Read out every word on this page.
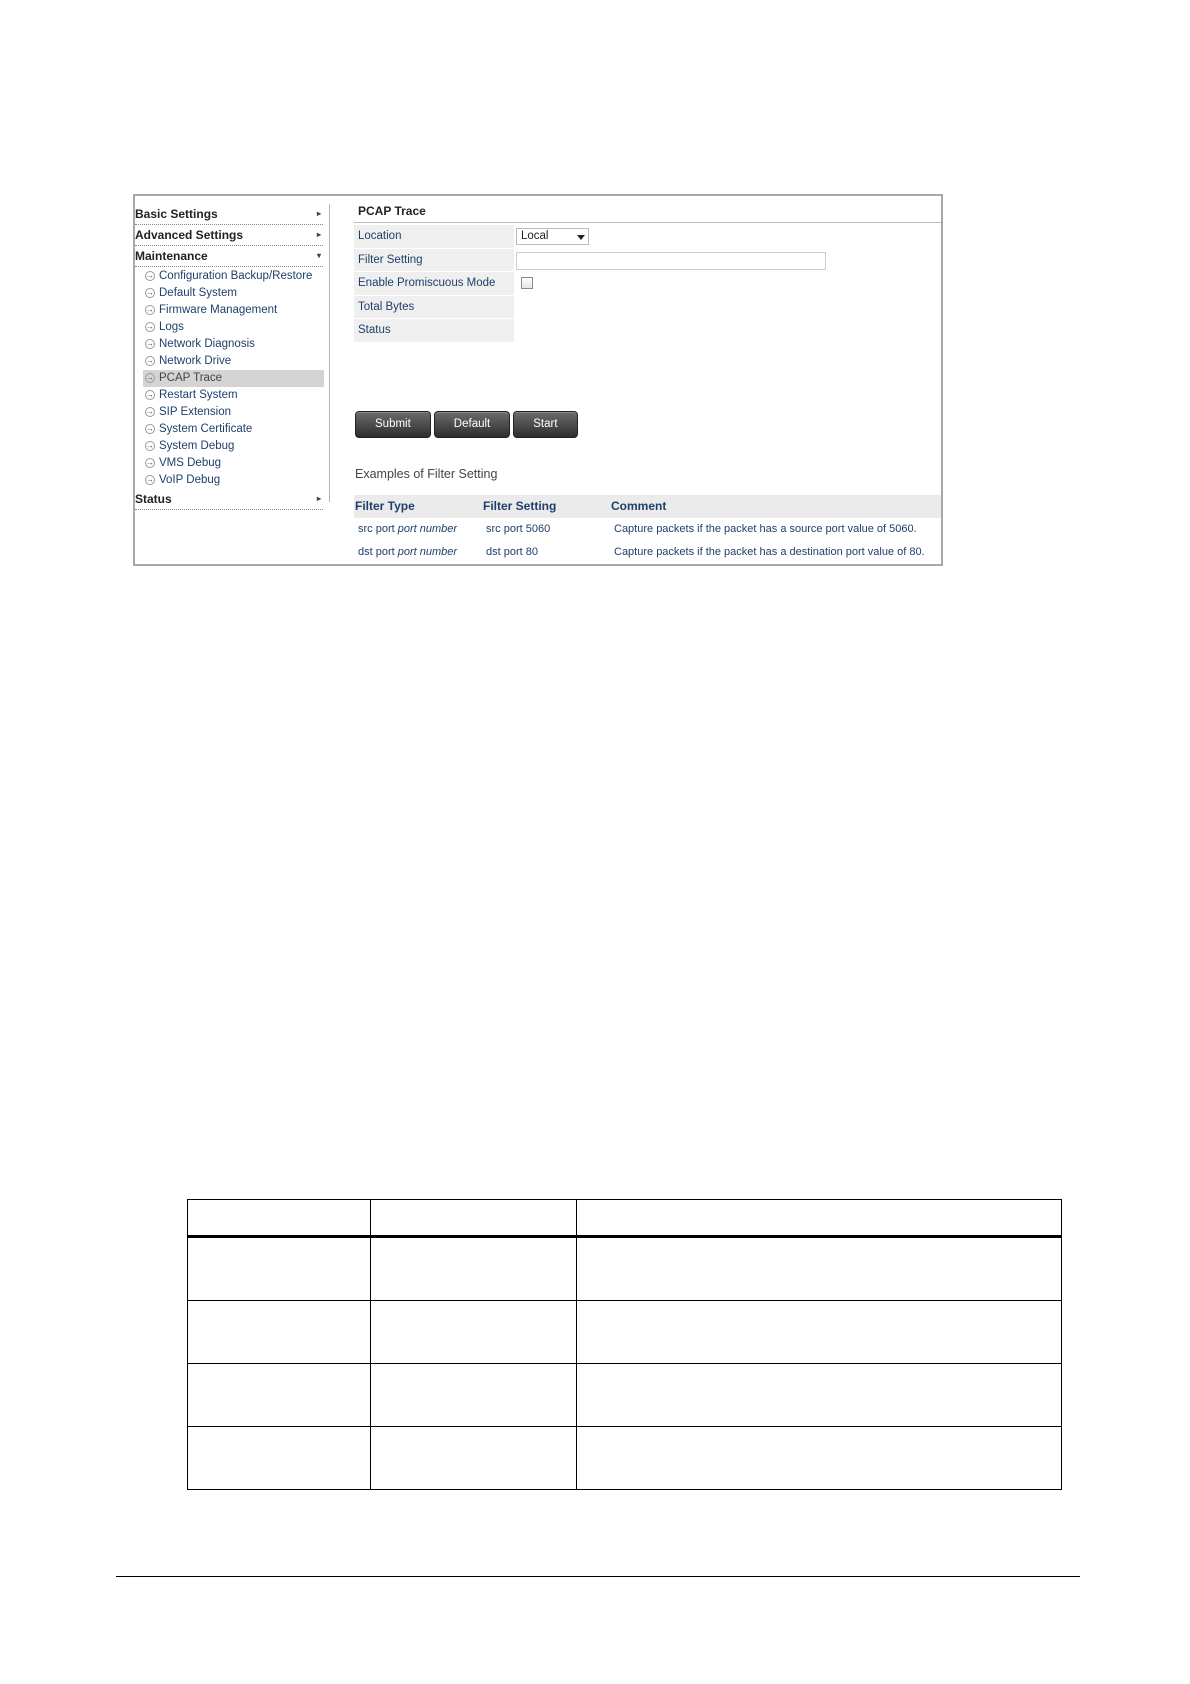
Basic Settings	▸
Advanced Settings	▸
Maintenance	▾
→ Configuration Backup/Restore
→ Default System
→ Firmware Management
→ Logs
→ Network Diagnosis
→ Network Drive
→ PCAP Trace
→ Restart System
→ SIP Extension
→ System Certificate
→ System Debug
→ VMS Debug
→ VoIP Debug
Status	▸
PCAP Trace
Location	Local
Filter Setting
Enable Promiscuous Mode
Total Bytes
Status
Submit	Default	Start
Examples of Filter Setting
Filter Type	Filter Setting	Comment
src port port number	src port 5060	Capture packets if the packet has a source port value of 5060.
dst port port number	dst port 80	Capture packets if the packet has a destination port value of 80.
